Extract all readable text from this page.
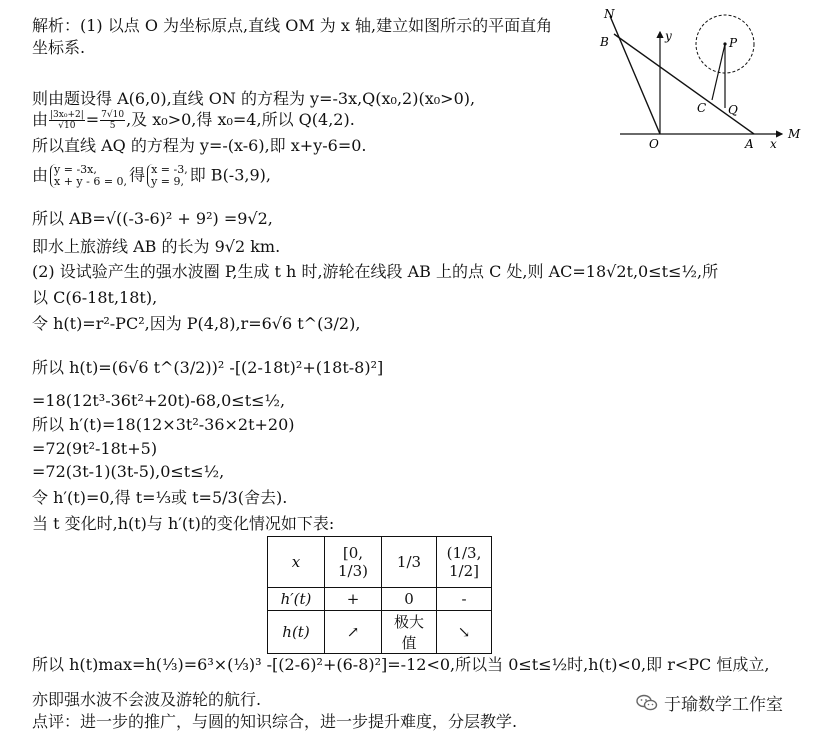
解析：(1) 以点 O 为坐标原点,直线 OM 为 x 轴,建立如图所示的平面直角
坐标系.
则由题设得 A(6,0),直线 ON 的方程为 y=-3x,Q(x₀,2)(x₀>0),
由 $\frac{\text{|3x₀+2|}}{√10} = \frac{7√10}{5}$ ,及 x₀>0,得 x₀=4,所以 Q(4,2).
所以直线 AQ 的方程为 y=-(x-6),即 x+y-6=0.
由 y = -3x,
x + y - 6 = 0, 得 x = -3,
y = 9, 即 B(-3,9),
所以 AB=√((-3-6)² + 9²) =9√2,
即水上旅游线 AB 的长为 9√2 km.
(2) 设试验产生的强水波圈 P,生成 t h 时,游轮在线段 AB 上的点 C 处,则 AC=18√2t,0≤t≤½,所
以 C(6-18t,18t),
令 h(t)=r²-PC²,因为 P(4,8),r=6√6 t^(3/2),
所以 h(t)=(6√6 t^(3/2))² -[(2-18t)²+(18t-8)²]
=18(12t³-36t²+20t)-68,0≤t≤½,
所以 h′(t)=18(12×3t²-36×2t+20)
=72(9t²-18t+5)
=72(3t-1)(3t-5),0≤t≤½,
令 h′(t)=0,得 t=⅓或 t=5/3(舍去).
当 t 变化时,h(t)与 h′(t)的变化情况如下表:
x	[0, 1/3)	1/3	(1/3, 1/2]
h′(t)	+	0	-
h(t)	↗	极大值	↘
所以 h(t)max=h(⅓)=6³×(⅓)³ -[(2-6)²+(6-8)²]=-12<0,所以当 0≤t≤½时,h(t)<0,即 r<PC 恒成立,
亦即强水波不会波及游轮的航行.
点评：进一步的推广，与圆的知识综合，进一步提升难度，分层教学.
于瑜数学工作室
N
B	y	P
C Q
O	A x
M
